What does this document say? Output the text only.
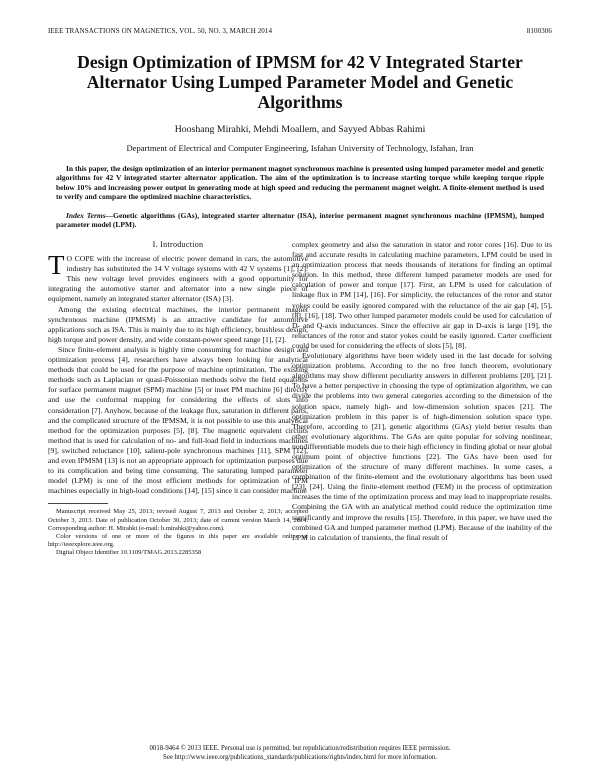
IEEE TRANSACTIONS ON MAGNETICS, VOL. 50, NO. 3, MARCH 2014	8100306
Design Optimization of IPMSM for 42 V Integrated Starter Alternator Using Lumped Parameter Model and Genetic Algorithms
Hooshang Mirahki, Mehdi Moallem, and Sayyed Abbas Rahimi
Department of Electrical and Computer Engineering, Isfahan University of Technology, Isfahan, Iran
In this paper, the design optimization of an interior permanent magnet synchronous machine is presented using lumped parameter model and genetic algorithms for 42 V integrated starter alternator application. The aim of the optimization is to increase starting torque while keeping torque ripple below 10% and increasing power output in generating mode at high speed and reducing the permanent magnet weight. A finite-element method is used to verify and compare the optimized machine characteristics.
Index Terms—Genetic algorithms (GAs), integrated starter alternator (ISA), interior permanent magnet synchronous machine (IPMSM), lumped parameter model (LPM).
I. Introduction

T O COPE with the increase of electric power demand in cars, the automotive industry has substituted the 14 V voltage systems with 42 V systems [1], [2]. This new voltage level provides engineers with a good opportunity for integrating the automotive starter and alternator into a new single piece of equipment, namely an integrated starter alternator (ISA) [3].

Among the existing electrical machines, the interior permanent magnet synchronous machine (IPMSM) is an attractive candidate for automotive applications such as ISA. This is mainly due to its high efficiency, brushless design, high torque and power density, and wide constant-power speed range [1], [2].

Since finite-element analysis is highly time consuming for machine design and optimization process [4], researchers have always been looking for analytical methods that could be used for the purpose of machine optimization. The existing methods such as Laplacian or quasi-Poissonian methods solve the field equations for surface permanent magnet (SPM) machine [5] or inset PM machine [6] directly and use the conformal mapping for considering the effects of slots into consideration [7]. Anyhow, because of the leakage flux, saturation in different parts, and the complicated structure of the IPMSM, it is not possible to use this analytical method for the optimization purposes [5], [8]. The magnetic equivalent circuits method that is used for calculation of no- and full-load field in inductions machines [9], switched reluctance [10], salient-pole synchronous machines [11], SPM [12], and even IPMSM [13] is not an appropriate approach for optimization purposes due to its complication and being time consuming. The saturating lumped parameter model (LPM) is one of the most efficient methods for optimization of IPM machines especially in high-load conditions [14], [15] since it can consider machine

Manuscript received May 25, 2013; revised August 7, 2013 and October 2, 2013; accepted October 3, 2013. Date of publication October 30, 2013; date of current version March 14, 2014. Corresponding author: H. Mirahki (e-mail: h.mirahki@yahoo.com).

Color versions of one or more of the figures in this paper are available online at http://ieeexplore.ieee.org.

Digital Object Identifier 10.1109/TMAG.2013.2285358

complex geometry and also the saturation in stator and rotor cores [16]. Due to its fast and accurate results in calculating machine parameters, LPM could be used in an optimization process that needs thousands of iterations for finding an optimal solution. In this method, three different lumped parameter models are used for calculation of power and torque [17]. First, an LPM is used for calculation of linkage flux in PM [14], [16]. For simplicity, the reluctances of the rotor and stator yokes could be easily ignored compared with the reluctance of the air gap [4], [5], [8], [16], [18]. Two other lumped parameter models could be used for calculation of D- and Q-axis inductances. Since the effective air gap in D-axis is large [19], the reluctances of the rotor and stator yokes could be easily ignored. Carter coefficient could be used for considering the effects of slots [5], [8].

Evolutionary algorithms have been widely used in the last decade for solving optimization problems. According to the no free lunch theorem, evolutionary algorithms may show different peculiarity answers in different problems [20], [21]. To have a better perspective in choosing the type of optimization algorithm, we can divide the problems into two general categories according to the dimension of the solution space, namely high- and low-dimension solution spaces [21]. The optimization problem in this paper is of high-dimension solution space type. Therefore, according to [21], genetic algorithms (GAs) yield better results than other evolutionary algorithms. The GAs are quite popular for solving nonlinear, nondifferentiable models due to their high efficiency in finding global or near global optimum point of objective functions [22]. The GAs have been used for optimization of the structure of many different machines. In some cases, a combination of the finite-element and the evolutionary algorithms has been used [23], [24]. Using the finite-element method (FEM) in the process of optimization increases the time of the optimization process and may lead to inappropriate results. Combining the GA with an analytical method could reduce the optimization time significantly and improve the results [15]. Therefore, in this paper, we have used the combined GA and lumped parameter method (LPM). Because of the inability of the LPM in calculation of transients, the final result of

0018-9464 © 2013 IEEE. Personal use is permitted, but republication/redistribution requires IEEE permission.
See http://www.ieee.org/publications_standards/publications/rights/index.html for more information.
